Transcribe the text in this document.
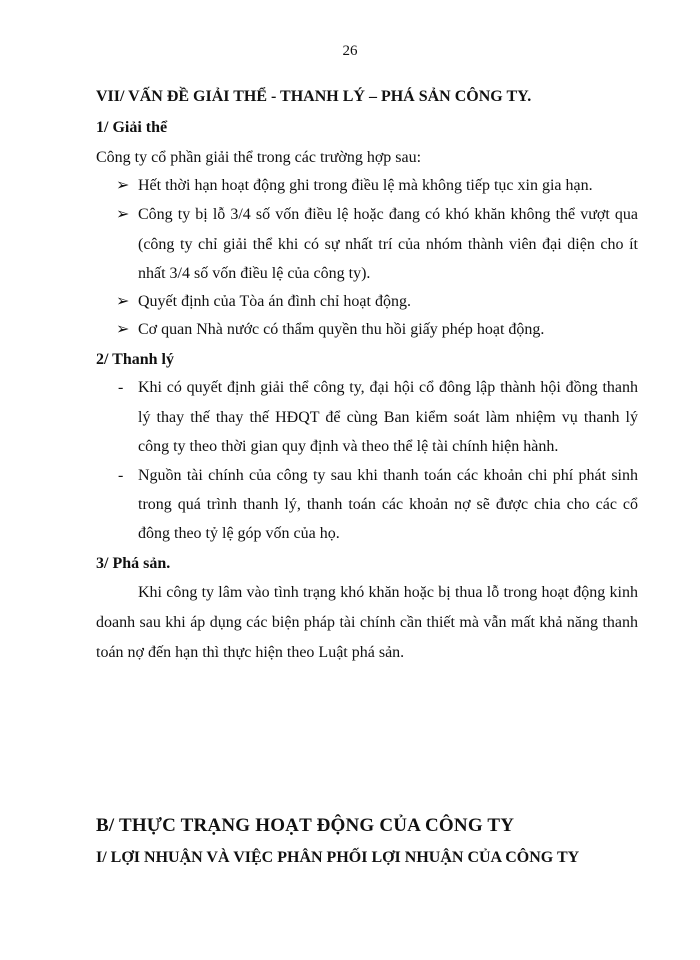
26
VII/ VẤN ĐỀ GIẢI THỂ - THANH LÝ – PHÁ SẢN CÔNG TY.
1/ Giải thể
Công ty cổ phần giải thể trong các trường hợp sau:
➢ Hết thời hạn hoạt động ghi trong điều lệ mà không tiếp tục xin gia hạn.
➢ Công ty bị lỗ 3/4 số vốn điều lệ hoặc đang có khó khăn không thể vượt qua
(công ty chỉ giải thể khi có sự nhất trí của nhóm thành viên đại diện cho ít
nhất 3/4 số vốn điều lệ của công ty).
➢ Quyết định của Tòa án đình chỉ hoạt động.
➢ Cơ quan Nhà nước có thẩm quyền thu hồi giấy phép hoạt động.
2/ Thanh lý
- Khi có quyết định giải thể công ty, đại hội cổ đông lập thành hội đồng thanh
lý thay thế thay thế HĐQT để cùng Ban kiểm soát làm nhiệm vụ thanh lý
công ty theo thời gian quy định và theo thể lệ tài chính hiện hành.
- Nguồn tài chính của công ty sau khi thanh toán các khoản chi phí phát sinh
trong quá trình thanh lý, thanh toán các khoản nợ sẽ được chia cho các cổ
đông theo tỷ lệ góp vốn của họ.
3/ Phá sản.
Khi công ty lâm vào tình trạng khó khăn hoặc bị thua lỗ trong hoạt động kinh
doanh sau khi áp dụng các biện pháp tài chính cần thiết mà vẫn mất khả năng thanh
toán nợ đến hạn thì thực hiện theo Luật phá sản.
B/ THỰC TRẠNG HOẠT ĐỘNG CỦA CÔNG TY
I/ LỢI NHUẬN VÀ VIỆC PHÂN PHỐI LỢI NHUẬN CỦA CÔNG TY
